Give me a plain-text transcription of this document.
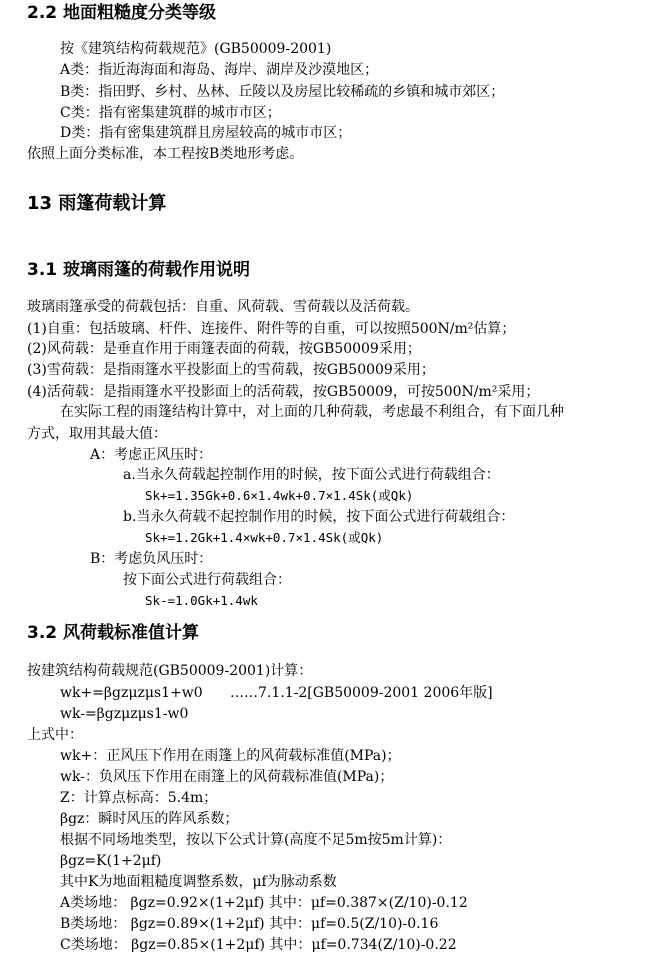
2.2 地面粗糙度分类等级
按《建筑结构荷载规范》(GB50009-2001)
A类：指近海海面和海岛、海岸、湖岸及沙漠地区；
B类：指田野、乡村、丛林、丘陵以及房屋比较稀疏的乡镇和城市郊区；
C类：指有密集建筑群的城市市区；
D类：指有密集建筑群且房屋较高的城市市区；
依照上面分类标准，本工程按B类地形考虑。
13 雨篷荷载计算
3.1 玻璃雨篷的荷载作用说明
玻璃雨篷承受的荷载包括：自重、风荷载、雪荷载以及活荷载。
(1)自重：包括玻璃、杆件、连接件、附件等的自重，可以按照500N/m²估算；
(2)风荷载：是垂直作用于雨篷表面的荷载，按GB50009采用；
(3)雪荷载：是指雨篷水平投影面上的雪荷载，按GB50009采用；
(4)活荷载：是指雨篷水平投影面上的活荷载，按GB50009，可按500N/m²采用；
在实际工程的雨篷结构计算中，对上面的几种荷载，考虑最不利组合，有下面几种
方式，取用其最大值：
A：考虑正风压时：
a.当永久荷载起控制作用的时候，按下面公式进行荷载组合：
Sk+=1.35Gk+0.6×1.4wk+0.7×1.4Sk(或Qk)
b.当永久荷载不起控制作用的时候，按下面公式进行荷载组合：
Sk+=1.2Gk+1.4×wk+0.7×1.4Sk(或Qk)
B：考虑负风压时：
按下面公式进行荷载组合：
Sk-=1.0Gk+1.4wk
3.2 风荷载标准值计算
按建筑结构荷载规范(GB50009-2001)计算：
wk+=βgzμzμs1+w0 ……7.1.1-2[GB50009-2001 2006年版]
wk-=βgzμzμs1-w0
上式中：
wk+：正风压下作用在雨篷上的风荷载标准值(MPa)；
wk-：负风压下作用在雨篷上的风荷载标准值(MPa)；
Z：计算点标高：5.4m；
βgz：瞬时风压的阵风系数；
根据不同场地类型，按以下公式计算(高度不足5m按5m计算)：
βgz=K(1+2μf)
其中K为地面粗糙度调整系数，μf为脉动系数
A类场地： βgz=0.92×(1+2μf) 其中：μf=0.387×(Z/10)-0.12
B类场地： βgz=0.89×(1+2μf) 其中：μf=0.5(Z/10)-0.16
C类场地： βgz=0.85×(1+2μf) 其中：μf=0.734(Z/10)-0.22
